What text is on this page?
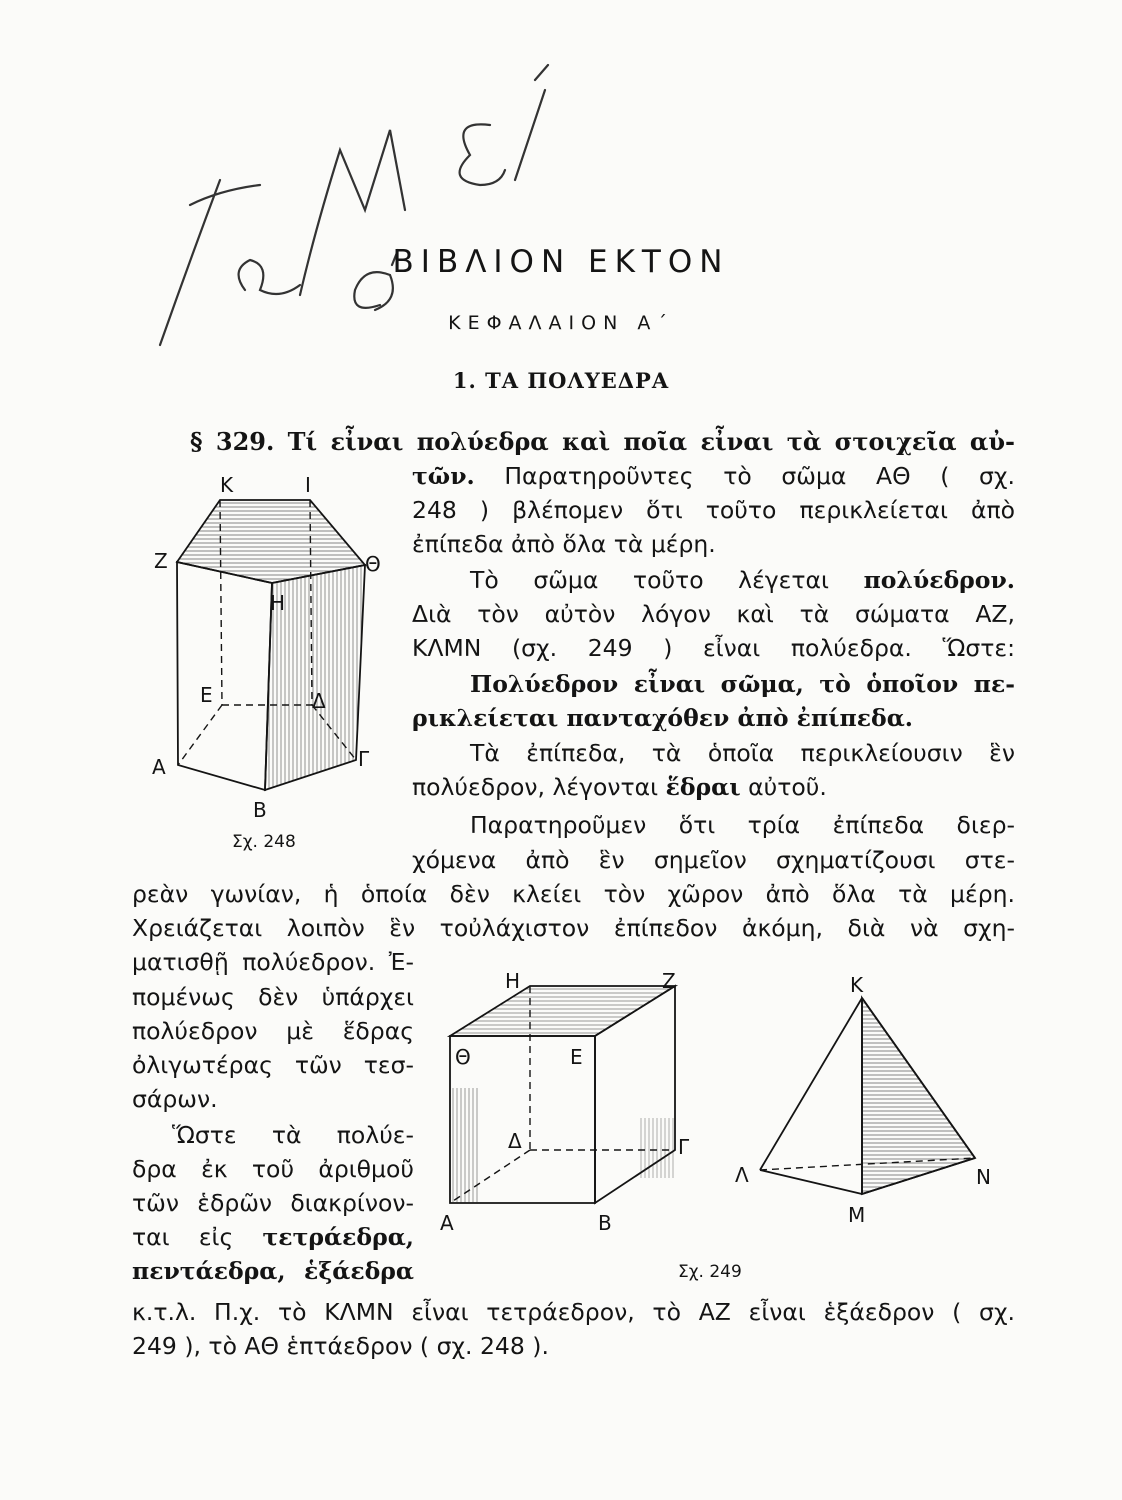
ΒΙΒΛΙΟΝ ΕΚΤΟΝ
ΚΕΦΑΛΑΙΟΝ Α΄
1. ΤΑ ΠΟΛΥΕΔΡΑ
§ 329. Τί εἶναι πολύεδρα καὶ ποῖα εἶναι τὰ στοιχεῖα αὐ-
τῶν. Παρατηροῦντες τὸ σῶμα ΑΘ ( σχ.
248 ) βλέπομεν ὅτι τοῦτο περικλείεται ἀπὸ
ἐπίπεδα ἀπὸ ὅλα τὰ μέρη.
Τὸ σῶμα τοῦτο λέγεται πολύεδρον.
Διὰ τὸν αὐτὸν λόγον καὶ τὰ σώματα ΑΖ,
ΚΛΜΝ (σχ. 249 ) εἶναι πολύεδρα. Ὥστε:
Πολύεδρον εἶναι σῶμα, τὸ ὁποῖον πε-
ρικλείεται πανταχόθεν ἀπὸ ἐπίπεδα.
Τὰ ἐπίπεδα, τὰ ὁποῖα περικλείουσιν ἓν
πολύεδρον, λέγονται ἕδραι αὐτοῦ.
Παρατηροῦμεν ὅτι τρία ἐπίπεδα διερ-
χόμενα ἀπὸ ἓν σημεῖον σχηματίζουσι στε-
ρεὰν γωνίαν, ἡ ὁποία δὲν κλείει τὸν χῶρον ἀπὸ ὅλα τὰ μέρη.
Χρειάζεται λοιπὸν ἓν τοὐλάχιστον ἐπίπεδον ἀκόμη, διὰ νὰ σχη-
ματισθῇ πολύεδρον. Ἐ-
πομένως δὲν ὑπάρχει
πολύεδρον μὲ ἕδρας
ὀλιγωτέρας τῶν τεσ-
σάρων.
Ὥστε τὰ πολύε-
δρα ἐκ τοῦ ἀριθμοῦ
τῶν ἑδρῶν διακρίνον-
ται εἰς τετράεδρα,
πεντάεδρα, ἑξάεδρα
κ.τ.λ. Π.χ. τὸ ΚΛΜΝ εἶναι τετράεδρον, τὸ ΑΖ εἶναι ἑξάεδρον ( σχ.
249 ), τὸ ΑΘ ἑπτάεδρον ( σχ. 248 ).
Κ	Ι
Ζ	Θ
Η
Ε	Δ
Α	Γ
Β
Σχ. 248
Η	Ζ
Θ	Ε
Δ	Γ
Α	Β
Κ
Λ	Ν
Μ
Σχ. 249
